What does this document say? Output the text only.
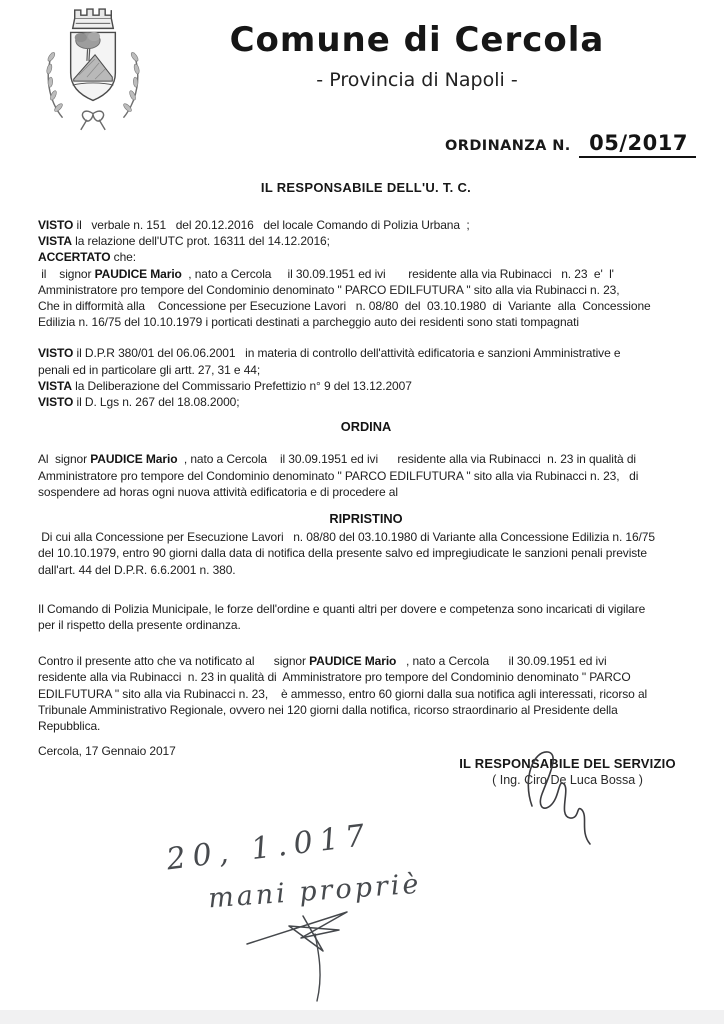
Comune di Cercola
- Provincia di Napoli -
ORDINANZA N. 05/2017
IL RESPONSABILE DELL'U. T. C.
VISTO il   verbale n. 151   del 20.12.2016   del locale Comando di Polizia Urbana  ;
VISTA la relazione dell'UTC prot. 16311 del 14.12.2016;
ACCERTATO che:
il    signor PAUDICE Mario  , nato a Cercola     il 30.09.1951 ed ivi       residente alla via Rubinacci   n. 23  e'  l'
Amministratore pro tempore del Condominio denominato " PARCO EDILFUTURA " sito alla via Rubinacci n. 23,
Che in difformità alla    Concessione per Esecuzione Lavori   n. 08/80  del  03.10.1980  di  Variante  alla  Concessione
Edilizia n. 16/75 del 10.10.1979 i porticati destinati a parcheggio auto dei residenti sono stati tompagnati
VISTO il D.P.R 380/01 del 06.06.2001   in materia di controllo dell'attività edificatoria e sanzioni Amministrative e
penali ed in particolare gli artt. 27, 31 e 44;
VISTA la Deliberazione del Commissario Prefettizio n° 9 del 13.12.2007
VISTO il D. Lgs n. 267 del 18.08.2000;
ORDINA
Al  signor PAUDICE Mario  , nato a Cercola    il 30.09.1951 ed ivi      residente alla via Rubinacci  n. 23 in qualità di
Amministratore pro tempore del Condominio denominato " PARCO EDILFUTURA " sito alla via Rubinacci n. 23,   di
sospendere ad horas ogni nuova attività edificatoria e di procedere al
RIPRISTINO
Di cui alla Concessione per Esecuzione Lavori   n. 08/80 del 03.10.1980 di Variante alla Concessione Edilizia n. 16/75
del 10.10.1979, entro 90 giorni dalla data di notifica della presente salvo ed impregiudicate le sanzioni penali previste
dall'art. 44 del D.P.R. 6.6.2001 n. 380.
Il Comando di Polizia Municipale, le forze dell'ordine e quanti altri per dovere e competenza sono incaricati di vigilare
per il rispetto della presente ordinanza.
Contro il presente atto che va notificato al      signor PAUDICE Mario   , nato a Cercola      il 30.09.1951 ed ivi
residente alla via Rubinacci  n. 23 in qualità di  Amministratore pro tempore del Condominio denominato " PARCO
EDILFUTURA " sito alla via Rubinacci n. 23,    è ammesso, entro 60 giorni dalla sua notifica agli interessati, ricorso al
Tribunale Amministrativo Regionale, ovvero nei 120 giorni dalla notifica, ricorso straordinario al Presidente della
Repubblica.
Cercola, 17 Gennaio 2017
IL RESPONSABILE DEL SERVIZIO
( Ing. Ciro De Luca Bossa )
20, 1.017
mani propriè
